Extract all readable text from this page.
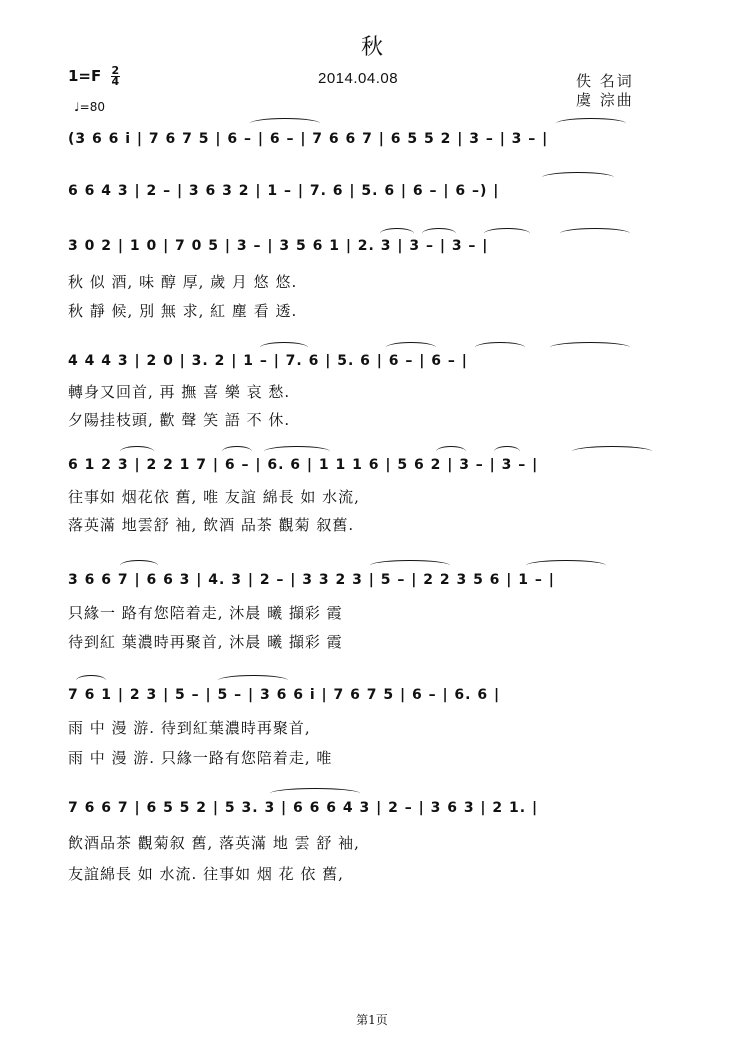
秋
$1=F \frac{2}{4}$
♩=80
2014.04.08	佚 名词
虞 淙曲
(3 6 6 i | 7 6 7 5 | 6 – | 6 – | 7 6 6 7 | 6 5 5 2 | 3 – | 3 – |
6 6 4 3 | 2 – | 3 6 3 2 | 1 – | 7. 6 | 5. 6 | 6 – | 6 –) |
3 0 2 | 1 0 | 7 0 5 | 3 – | 3 5 6 1 | 2. 3 | 3 – | 3 – |
秋 似 酒, 味 醇 厚, 歲 月 悠 悠.
秋 靜 候, 別 無 求, 紅 塵 看 透.
4 4 4 3 | 2 0 | 3. 2 | 1 – | 7. 6 | 5. 6 | 6 – | 6 – |
轉身又回首, 再 撫 喜 樂 哀 愁.
夕陽挂枝頭, 歡 聲 笑 語 不 休.
6 1 2 3 | 2 2 1 7 | 6 – | 6. 6 | 1 1 1 6 | 5 6 2 | 3 – | 3 – |
往事如 烟花依 舊, 唯 友誼 綿長 如 水流,
落英滿 地雲舒 袖, 飲酒 品茶 觀菊 叙舊.
3 6 6 7 | 6 6 3 | 4. 3 | 2 – | 3 3 2 3 | 5 – | 2 2 3 5 6 | 1 – |
只緣一 路有您陪着走, 沐晨 曦 擷彩 霞
待到紅 葉濃時再聚首, 沐晨 曦 擷彩 霞
7 6 1 | 2 3 | 5 – | 5 – | 3 6 6 i | 7 6 7 5 | 6 – | 6. 6 |
雨 中 漫 游. 待到紅葉濃時再聚首,
雨 中 漫 游. 只緣一路有您陪着走, 唯
7 6 6 7 | 6 5 5 2 | 5 3. 3 | 6 6 6 4 3 | 2 – | 3 6 3 | 2 1. |
飲酒品茶 觀菊叙 舊, 落英滿 地 雲 舒 袖,
友誼綿長 如 水流. 往事如 烟 花 依 舊,
第1页
